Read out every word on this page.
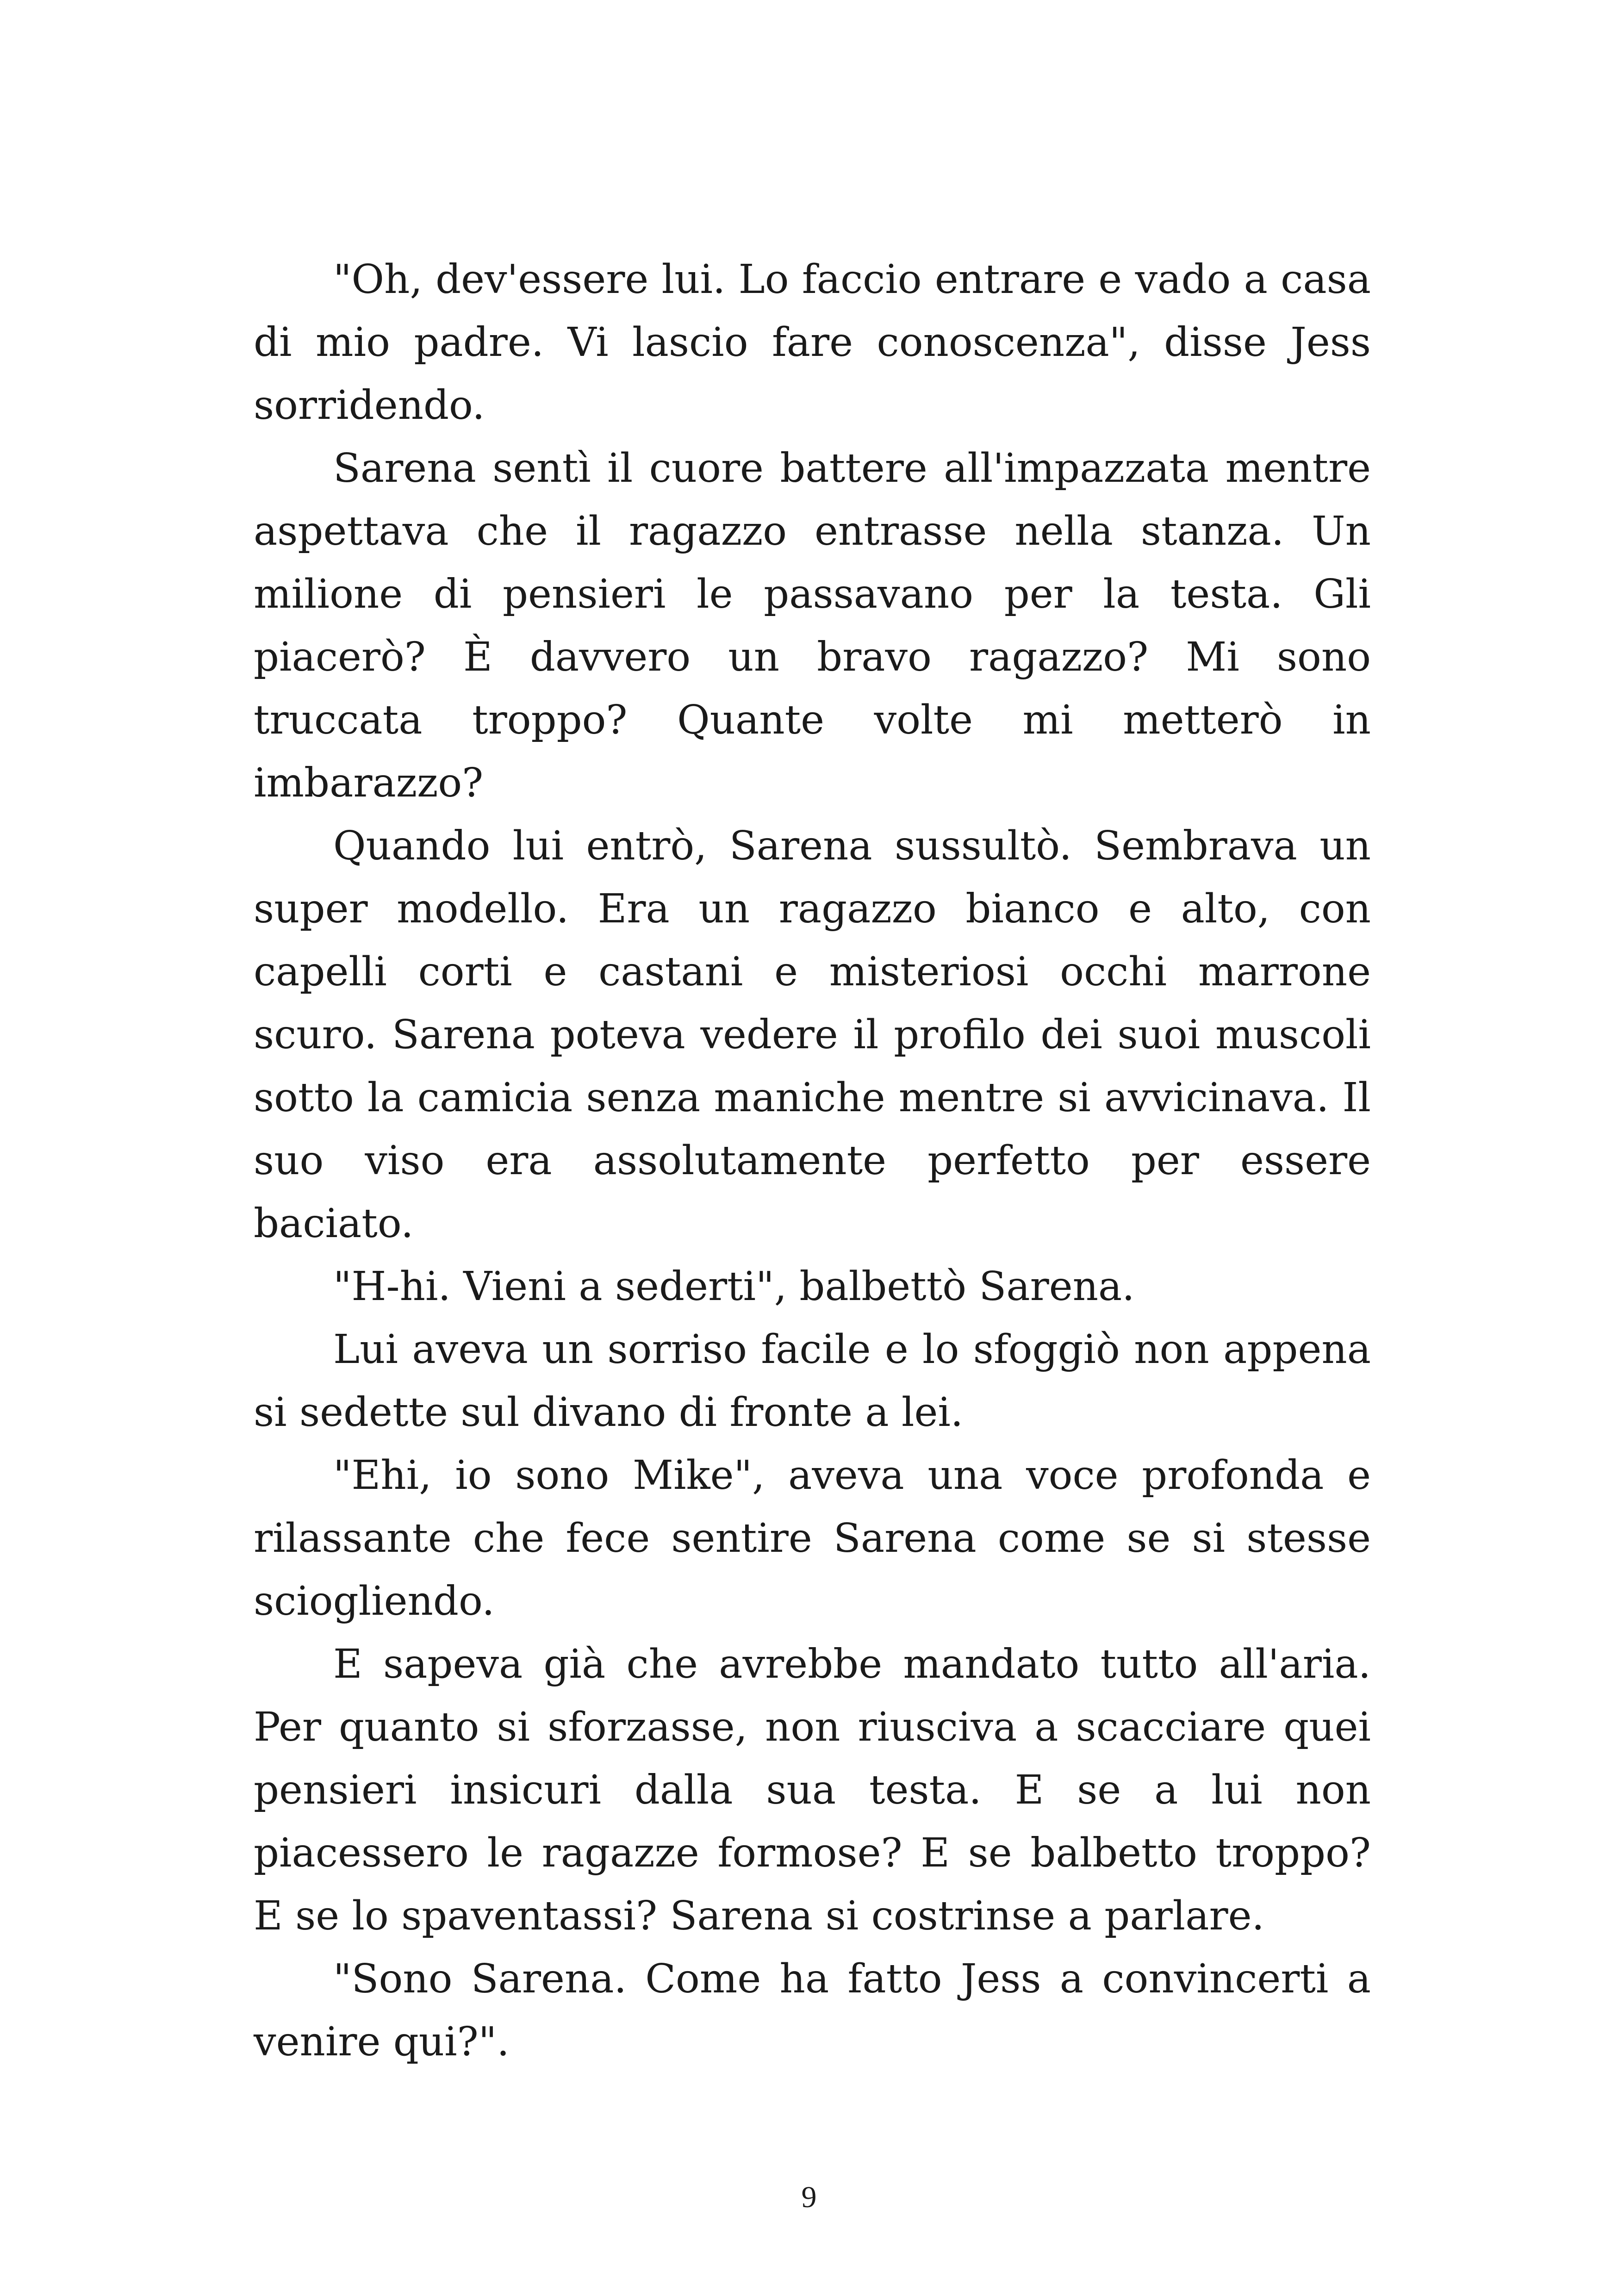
"Oh, dev'essere lui. Lo faccio entrare e vado a casa di mio padre. Vi lascio fare conoscenza", disse Jess sorridendo.

Sarena sentì il cuore battere all'impazzata mentre aspettava che il ragazzo entrasse nella stanza. Un milione di pensieri le passavano per la testa. Gli piacerò? È davvero un bravo ragazzo? Mi sono truccata troppo? Quante volte mi metterò in imbarazzo?

Quando lui entrò, Sarena sussultò. Sembrava un super modello. Era un ragazzo bianco e alto, con capelli corti e castani e misteriosi occhi marrone scuro. Sarena poteva vedere il profilo dei suoi muscoli sotto la camicia senza maniche mentre si avvicinava. Il suo viso era assolutamente perfetto per essere baciato.

"H-hi. Vieni a sederti", balbettò Sarena.

Lui aveva un sorriso facile e lo sfoggiò non appena si sedette sul divano di fronte a lei.

"Ehi, io sono Mike", aveva una voce profonda e rilassante che fece sentire Sarena come se si stesse sciogliendo.

E sapeva già che avrebbe mandato tutto all'aria. Per quanto si sforzasse, non riusciva a scacciare quei pensieri insicuri dalla sua testa. E se a lui non piacessero le ragazze formose? E se balbetto troppo? E se lo spaventassi? Sarena si costrinse a parlare.

"Sono Sarena. Come ha fatto Jess a convincerti a venire qui?".

9
